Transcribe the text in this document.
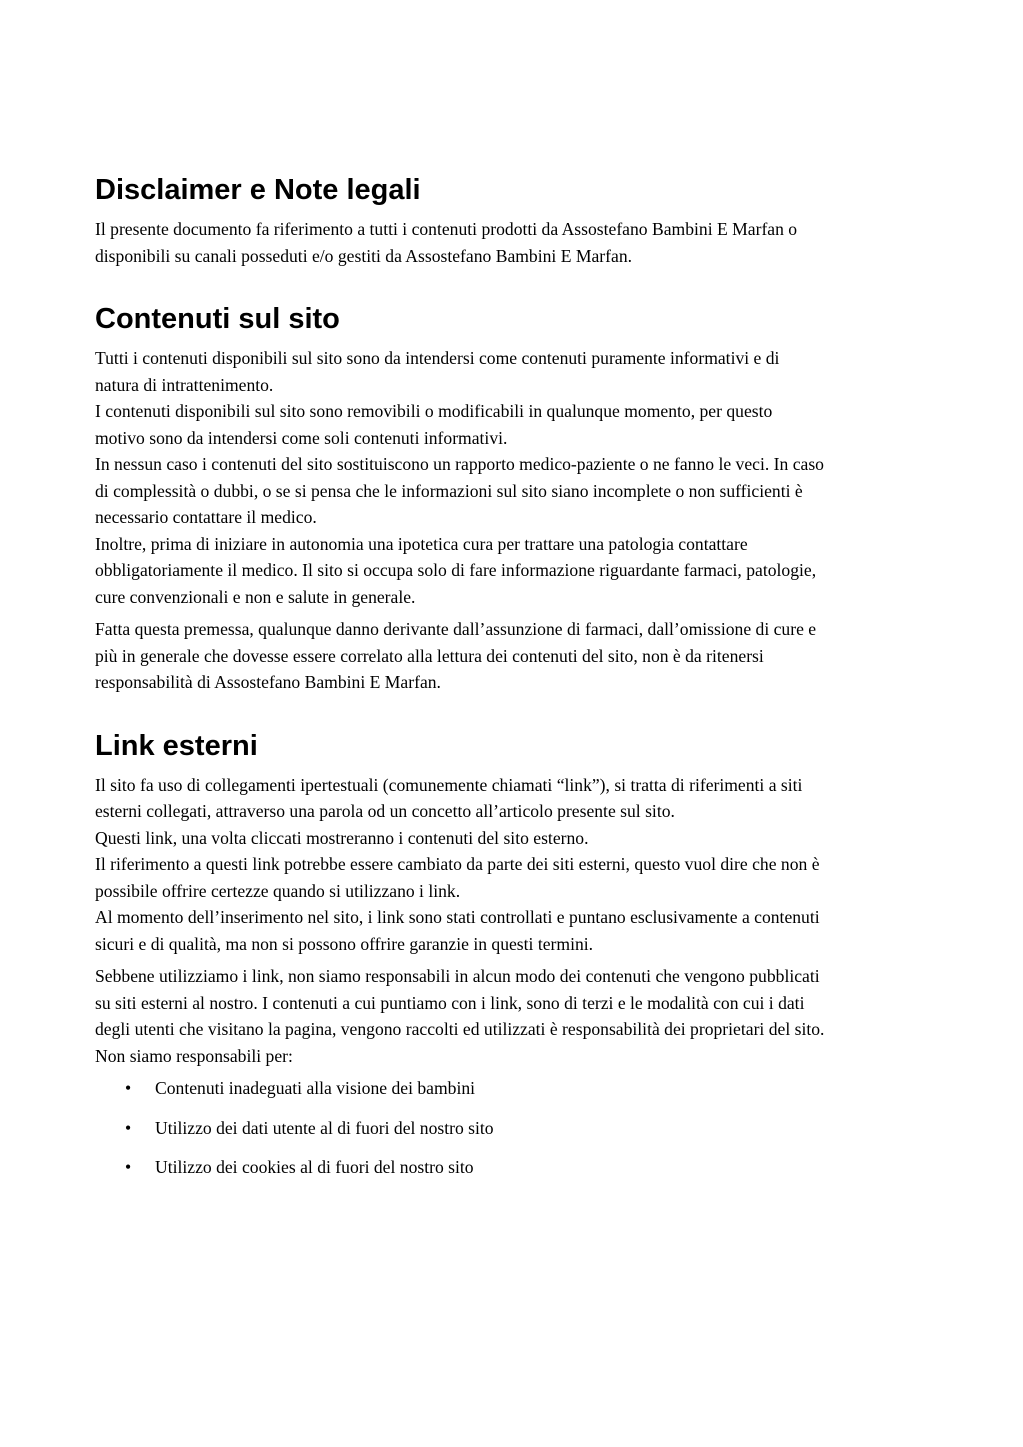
Disclaimer e Note legali

Il presente documento fa riferimento a tutti i contenuti prodotti da Assostefano Bambini E Marfan o
disponibili su canali posseduti e/o gestiti da Assostefano Bambini E Marfan.

Contenuti sul sito

Tutti i contenuti disponibili sul sito sono da intendersi come contenuti puramente informativi e di
natura di intrattenimento.
I contenuti disponibili sul sito sono removibili o modificabili in qualunque momento, per questo
motivo sono da intendersi come soli contenuti informativi.
In nessun caso i contenuti del sito sostituiscono un rapporto medico-paziente o ne fanno le veci. In caso
di complessità o dubbi, o se si pensa che le informazioni sul sito siano incomplete o non sufficienti è
necessario contattare il medico.
Inoltre, prima di iniziare in autonomia una ipotetica cura per trattare una patologia contattare
obbligatoriamente il medico. Il sito si occupa solo di fare informazione riguardante farmaci, patologie,
cure convenzionali e non e salute in generale.

Fatta questa premessa, qualunque danno derivante dall’assunzione di farmaci, dall’omissione di cure e
più in generale che dovesse essere correlato alla lettura dei contenuti del sito, non è da ritenersi
responsabilità di Assostefano Bambini E Marfan.

Link esterni

Il sito fa uso di collegamenti ipertestuali (comunemente chiamati “link”), si tratta di riferimenti a siti
esterni collegati, attraverso una parola od un concetto all’articolo presente sul sito.
Questi link, una volta cliccati mostreranno i contenuti del sito esterno.
Il riferimento a questi link potrebbe essere cambiato da parte dei siti esterni, questo vuol dire che non è
possibile offrire certezze quando si utilizzano i link.
Al momento dell’inserimento nel sito, i link sono stati controllati e puntano esclusivamente a contenuti
sicuri e di qualità, ma non si possono offrire garanzie in questi termini.

Sebbene utilizziamo i link, non siamo responsabili in alcun modo dei contenuti che vengono pubblicati
su siti esterni al nostro. I contenuti a cui puntiamo con i link, sono di terzi e le modalità con cui i dati
degli utenti che visitano la pagina, vengono raccolti ed utilizzati è responsabilità dei proprietari del sito.
Non siamo responsabili per:

• Contenuti inadeguati alla visione dei bambini
• Utilizzo dei dati utente al di fuori del nostro sito
• Utilizzo dei cookies al di fuori del nostro sito
